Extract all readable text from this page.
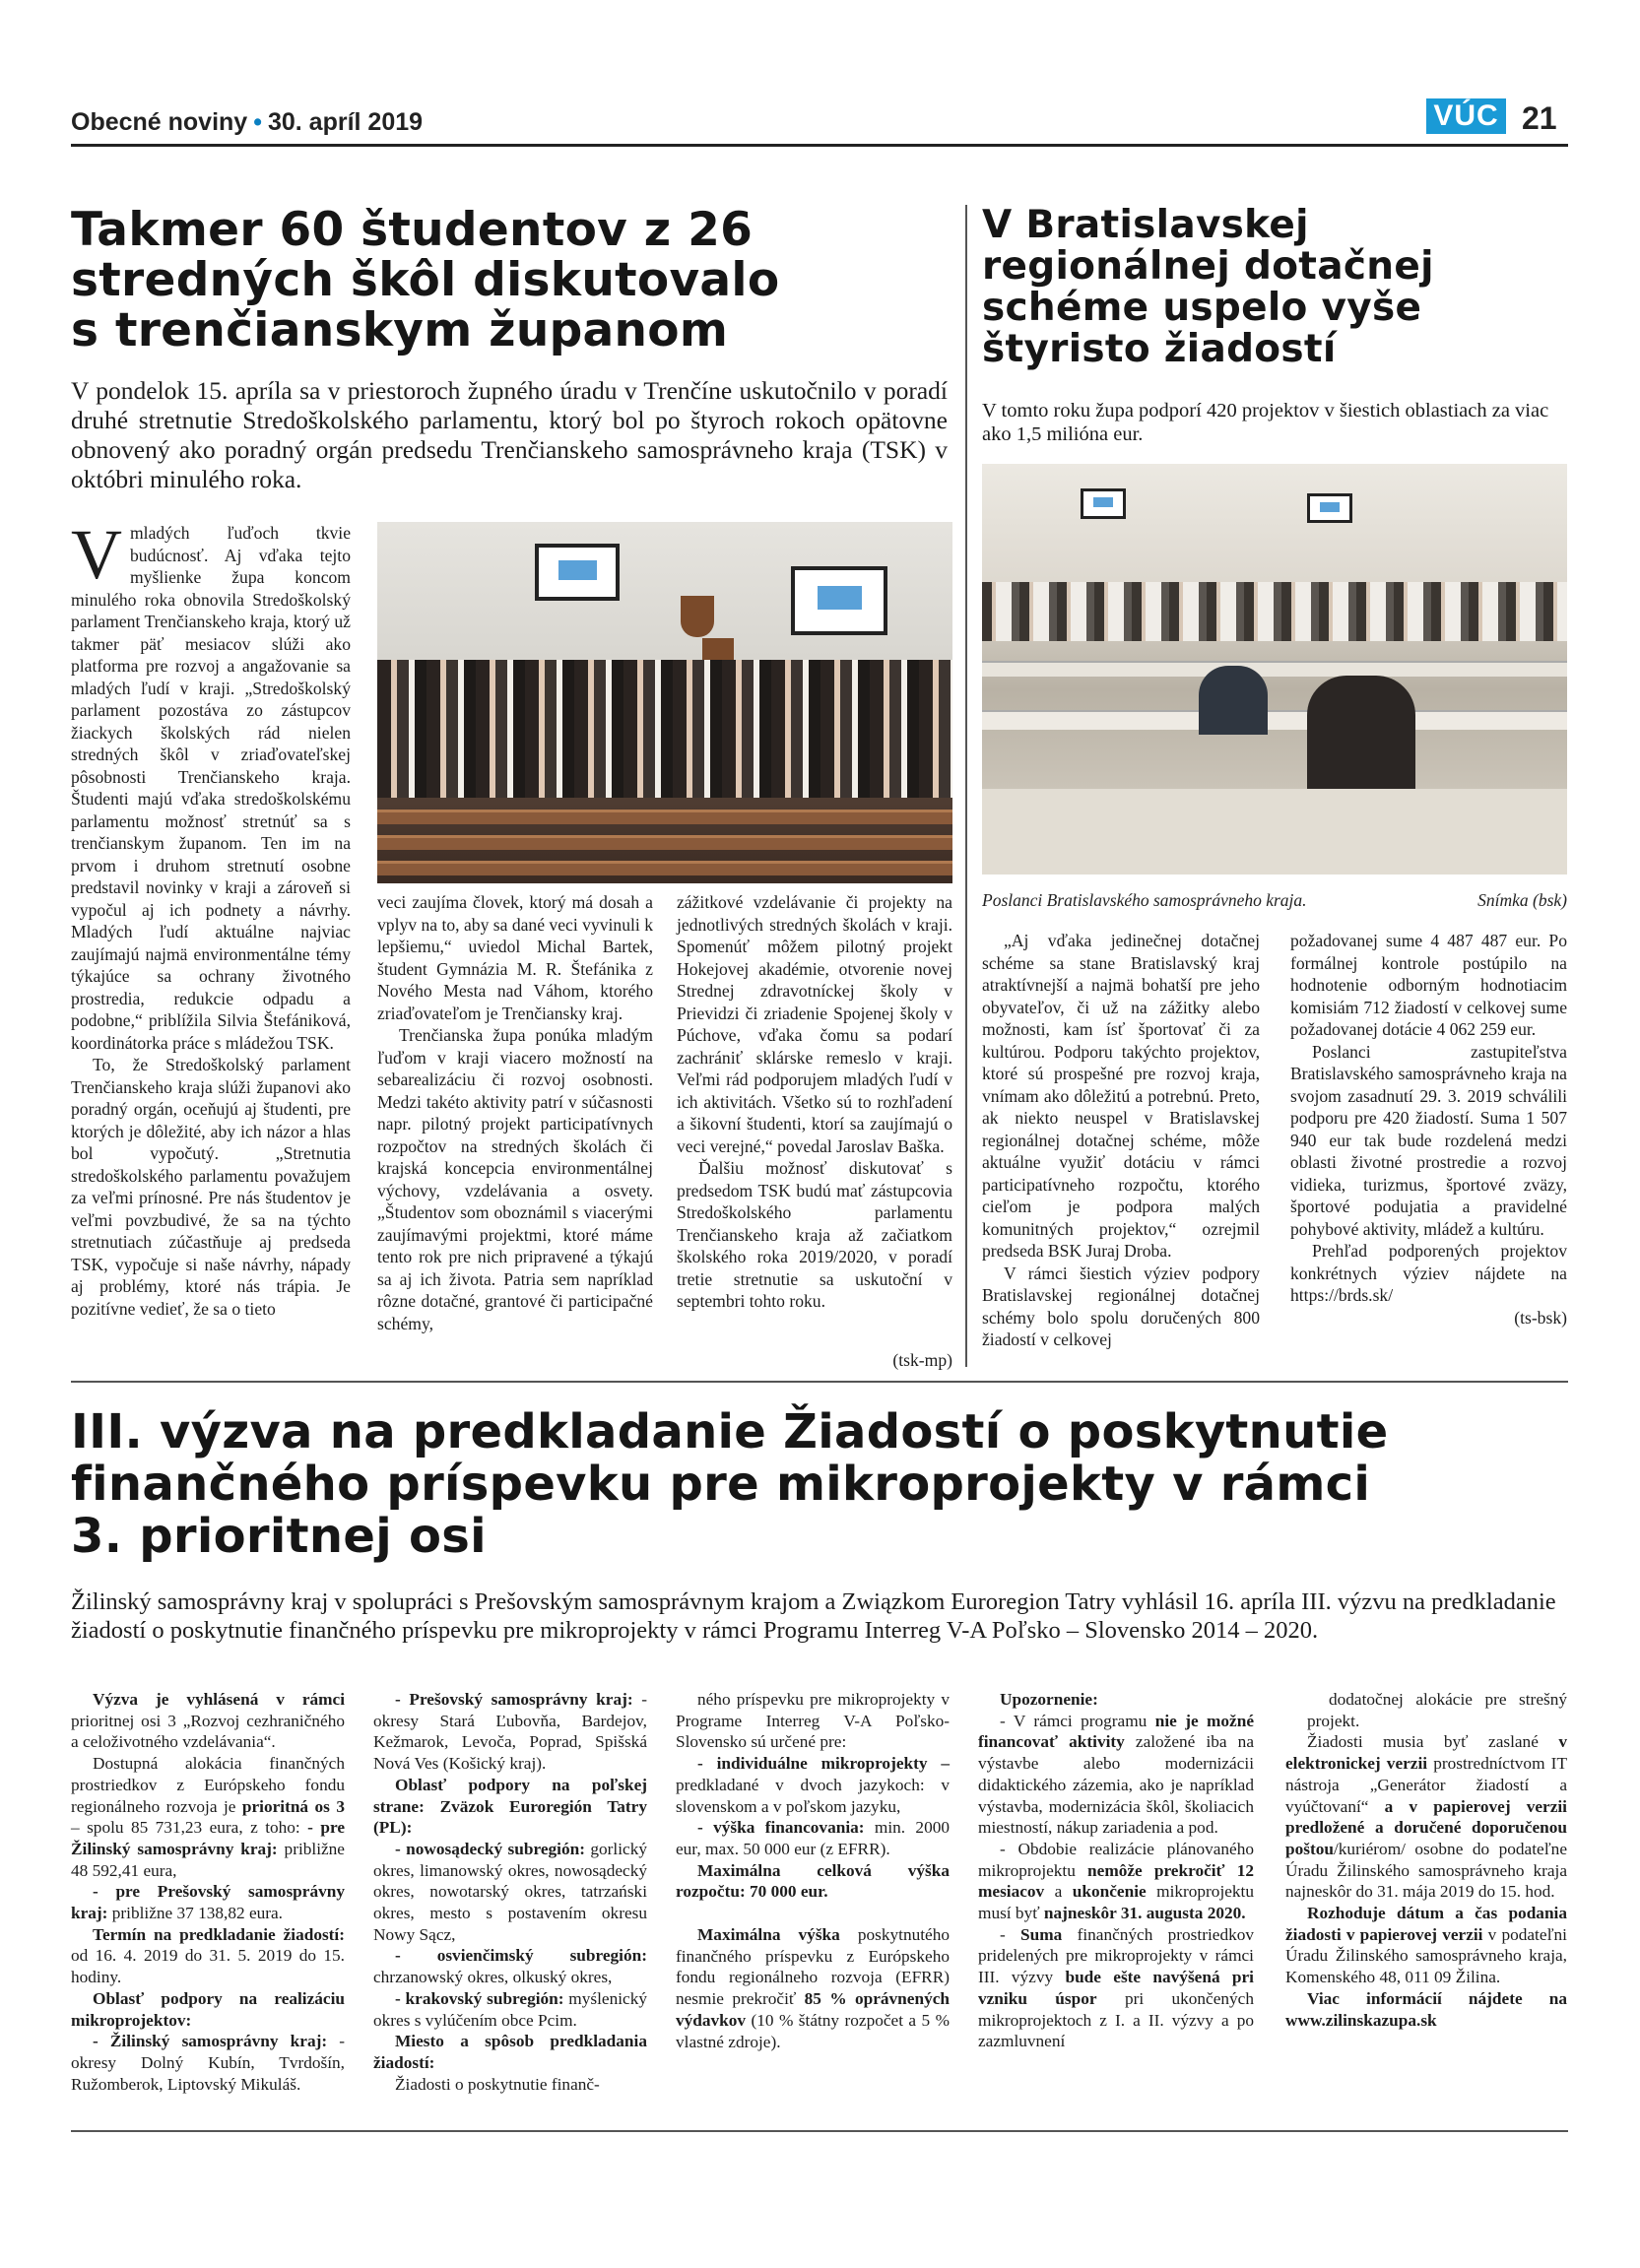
Obecné noviny • 30. apríl 2019	VÚC 21
Takmer 60 študentov z 26
stredných škôl diskutovalo
s trenčianskym županom
V pondelok 15. apríla sa v priestoroch župného úradu v Trenčíne uskutočnilo v poradí druhé stretnutie Stredoškolského parlamentu, ktorý bol po štyroch rokoch opätovne obnovený ako poradný orgán predsedu Trenčianskeho samosprávneho kraja (TSK) v októbri minulého roka.

Vmladých ľuďoch tkvie budúcnosť. Aj vďaka tejto myšlienke župa koncom minulého roka obnovila Stredoškolský parlament Trenčianskeho kraja, ktorý už takmer päť mesiacov slúži ako platforma pre rozvoj a angažovanie sa mladých ľudí v kraji. „Stredoškolský parlament pozostáva zo zástupcov žiackych školských rád nielen stredných škôl v zriaďovateľskej pôsobnosti Trenčianskeho kraja. Študenti majú vďaka stredoškolskému parlamentu možnosť stretnúť sa s trenčianskym županom. Ten im na prvom i druhom stretnutí osobne predstavil novinky v kraji a zároveň si vypočul aj ich podnety a návrhy. Mladých ľudí aktuálne najviac zaujímajú najmä environmentálne témy týkajúce sa ochrany životného prostredia, redukcie odpadu a podobne,“ priblížila Silvia Štefániková, koordinátorka práce s mládežou TSK.

To, že Stredoškolský parlament Trenčianskeho kraja slúži županovi ako poradný orgán, oceňujú aj študenti, pre ktorých je dôležité, aby ich názor a hlas bol vypočutý. „Stretnutia stredoškolského parlamentu považujem za veľmi prínosné. Pre nás študentov je veľmi povzbudivé, že sa na týchto stretnutiach zúčastňuje aj predseda TSK, vypočuje si naše návrhy, nápady aj problémy, ktoré nás trápia. Je pozitívne vedieť, že sa o tieto

veci zaujíma človek, ktorý má dosah a vplyv na to, aby sa dané veci vyvinuli k lepšiemu,“ uviedol Michal Bartek, študent Gymnázia M. R. Štefánika z Nového Mesta nad Váhom, ktorého zriaďovateľom je Trenčiansky kraj.

Trenčianska župa ponúka mladým ľuďom v kraji viacero možností na sebarealizáciu či rozvoj osobnosti. Medzi takéto aktivity patrí v súčasnosti napr. pilotný projekt participatívnych rozpočtov na stredných školách či krajská koncepcia environmentálnej výchovy, vzdelávania a osvety. „Študentov som oboznámil s viacerými zaujímavými projektmi, ktoré máme tento rok pre nich pripravené a týkajú sa aj ich života. Patria sem napríklad rôzne dotačné, grantové či participačné schémy,

zážitkové vzdelávanie či projekty na jednotlivých stredných školách v kraji. Spomenúť môžem pilotný projekt Hokejovej akadémie, otvorenie novej Strednej zdravotníckej školy v Prievidzi či zriadenie Spojenej školy v Púchove, vďaka čomu sa podarí zachrániť sklárske remeslo v kraji. Veľmi rád podporujem mladých ľudí v ich aktivitách. Všetko sú to rozhľadení a šikovní študenti, ktorí sa zaujímajú o veci verejné,“ povedal Jaroslav Baška.

Ďalšiu možnosť diskutovať s predsedom TSK budú mať zástupcovia Stredoškolského parlamentu Trenčianskeho kraja až začiatkom školského roka 2019/2020, v poradí tretie stretnutie sa uskutoční v septembri tohto roku.

(tsk-mp)
V Bratislavskej
regionálnej dotačnej
schéme uspelo vyše
štyristo žiadostí
V tomto roku župa podporí 420 projektov v šiestich oblastiach za viac ako 1,5 milióna eur.
Poslanci Bratislavského samosprávneho kraja.	Snímka (bsk)

„Aj vďaka jedinečnej dotačnej schéme sa stane Bratislavský kraj atraktívnejší a najmä bohatší pre jeho obyvateľov, či už na zážitky alebo možnosti, kam ísť športovať či za kultúrou. Podporu takýchto projektov, ktoré sú prospešné pre rozvoj kraja, vnímam ako dôležitú a potrebnú. Preto, ak niekto neuspel v Bratislavskej regionálnej dotačnej schéme, môže aktuálne využiť dotáciu v rámci participatívneho rozpočtu, ktorého cieľom je podpora malých komunitných projektov,“ ozrejmil predseda BSK Juraj Droba.

V rámci šiestich výziev podpory Bratislavskej regionálnej dotačnej schémy bolo spolu doručených 800 žiadostí v celkovej

požadovanej sume 4 487 487 eur. Po formálnej kontrole postúpilo na hodnotenie odborným hodnotiacim komisiám 712 žiadostí v celkovej sume požadovanej dotácie 4 062 259 eur.

Poslanci zastupiteľstva Bratislavského samosprávneho kraja na svojom zasadnutí 29. 3. 2019 schválili podporu pre 420 žiadostí. Suma 1 507 940 eur tak bude rozdelená medzi oblasti životné prostredie a rozvoj vidieka, turizmus, športové zväzy, športové podujatia a pravidelné pohybové aktivity, mládež a kultúru.

Prehľad podporených projektov konkrétnych výziev nájdete na https://brds.sk/

(ts-bsk)
III. výzva na predkladanie Žiadostí o poskytnutie
finančného príspevku pre mikroprojekty v rámci
3. prioritnej osi
Žilinský samosprávny kraj v spolupráci s Prešovským samosprávnym krajom a Związkom Euroregion Tatry vyhlásil 16. apríla III. výzvu na predkladanie žiadostí o poskytnutie finančného príspevku pre mikroprojekty v rámci Programu Interreg V-A Poľsko – Slovensko 2014 – 2020.

Výzva je vyhlásená v rámci prioritnej osi 3 „Rozvoj cezhraničného a celoživotného vzdelávania“.

Dostupná alokácia finančných prostriedkov z Európskeho fondu regionálneho rozvoja je prioritná os 3 – spolu 85 731,23 eura, z toho: - pre Žilinský samosprávny kraj: približne 48 592,41 eura,

- pre Prešovský samosprávny kraj: približne 37 138,82 eura.

Termín na predkladanie žiadostí: od 16. 4. 2019 do 31. 5. 2019 do 15. hodiny.

Oblasť podpory na realizáciu mikroprojektov:

- Žilinský samosprávny kraj: - okresy Dolný Kubín, Tvrdošín, Ružomberok, Liptovský Mikuláš.

- Prešovský samosprávny kraj: - okresy Stará Ľubovňa, Bardejov, Kežmarok, Levoča, Poprad, Spišská Nová Ves (Košický kraj).

Oblasť podpory na poľskej strane: Zväzok Euroregión Tatry (PL):

- nowosądecký subregión: gorlický okres, limanowský okres, nowosądecký okres, nowotarský okres, tatrzański okres, mesto s postavením okresu Nowy Sącz,

- osvienčimský subregión: chrzanowský okres, olkuský okres,

- krakovský subregión: myślenický okres s vylúčením obce Pcim.

Miesto a spôsob predkladania žiadostí:

Žiadosti o poskytnutie finanč-

ného príspevku pre mikroprojekty v Programe Interreg V-A Poľsko-Slovensko sú určené pre:

- individuálne mikroprojekty – predkladané v dvoch jazykoch: v slovenskom a v poľskom jazyku,

- výška financovania: min. 2000 eur, max. 50 000 eur (z EFRR).

Maximálna celková výška rozpočtu: 70 000 eur.

Maximálna výška poskytnutého finančného príspevku z Európskeho fondu regionálneho rozvoja (EFRR) nesmie prekročiť 85 % oprávnených výdavkov (10 % štátny rozpočet a 5 % vlastné zdroje).

Upozornenie:

- V rámci programu nie je možné financovať aktivity založené iba na výstavbe alebo modernizácii didaktického zázemia, ako je napríklad výstavba, modernizácia škôl, školiacich miestností, nákup zariadenia a pod.

- Obdobie realizácie plánovaného mikroprojektu nemôže prekročiť 12 mesiacov a ukončenie mikroprojektu musí byť najneskôr 31. augusta 2020.

- Suma finančných prostriedkov pridelených pre mikroprojekty v rámci III. výzvy bude ešte navýšená pri vzniku úspor pri ukončených mikroprojektoch z I. a II. výzvy a po zazmluvnení

dodatočnej alokácie pre strešný projekt.

Žiadosti musia byť zaslané v elektronickej verzii prostredníctvom IT nástroja „Generátor žiadostí a vyúčtovaní“ a v papierovej verzii predložené a doručené doporučenou poštou/kuriérom/ osobne do podateľne Úradu Žilinského samosprávneho kraja najneskôr do 31. mája 2019 do 15. hod.

Rozhoduje dátum a čas podania žiadosti v papierovej verzii v podateľni Úradu Žilinského samosprávneho kraja, Komenského 48, 011 09 Žilina.

Viac informácií nájdete na www.zilinskazupa.sk
